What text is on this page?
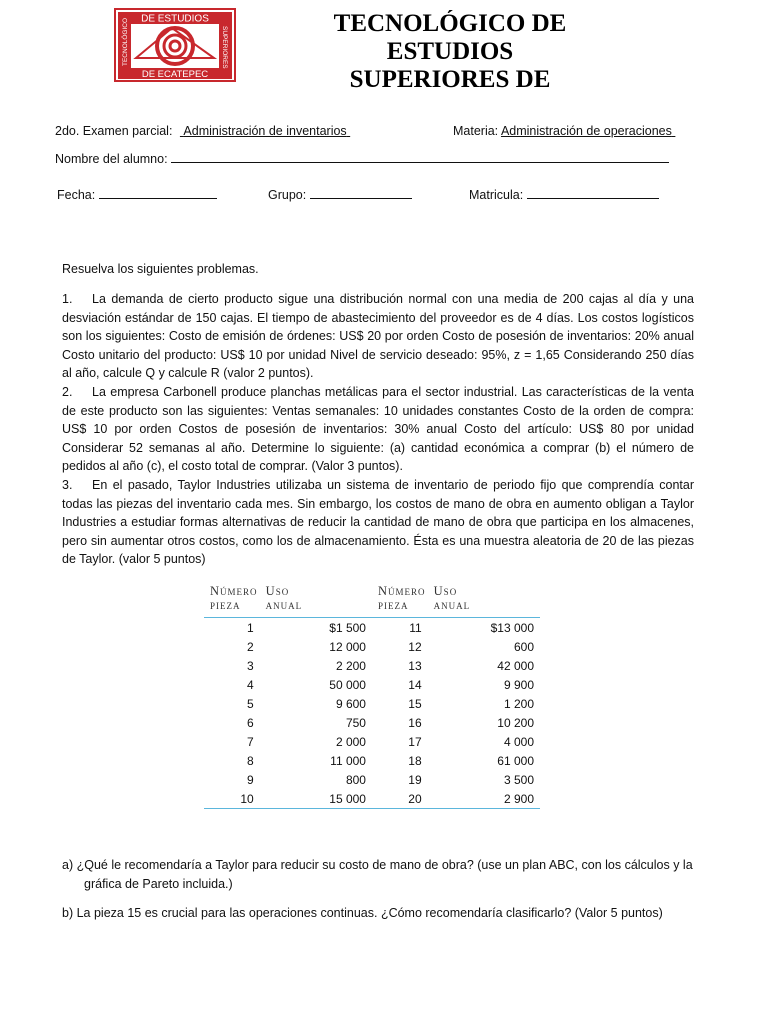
DE ESTUDIOS
DE ECATEPEC
TECNOLÓGICO	SUPERIORES
TECNOLÓGICO DE
ESTUDIOS
SUPERIORES DE
2do. Examen parcial: Administración de inventarios	Materia: Administración de operaciones
Nombre del alumno:
Fecha:	Grupo:	Matricula:
Resuelva los siguientes problemas.

1. La demanda de cierto producto sigue una distribución normal con una media de 200 cajas al día y una desviación estándar de 150 cajas. El tiempo de abastecimiento del proveedor es de 4 días. Los costos logísticos son los siguientes: Costo de emisión de órdenes: US$ 20 por orden Costo de posesión de inventarios: 20% anual Costo unitario del producto: US$ 10 por unidad Nivel de servicio deseado: 95%, z = 1,65 Considerando 250 días al año, calcule Q y calcule R (valor 2 puntos).

2. La empresa Carbonell produce planchas metálicas para el sector industrial. Las características de la venta de este producto son las siguientes: Ventas semanales: 10 unidades constantes Costo de la orden de compra: US$ 10 por orden Costos de posesión de inventarios: 30% anual Costo del artículo: US$ 80 por unidad Considerar 52 semanas al año. Determine lo siguiente: (a) cantidad económica a comprar (b) el número de pedidos al año (c), el costo total de comprar. (Valor 3 puntos).

3. En el pasado, Taylor Industries utilizaba un sistema de inventario de periodo fijo que comprendía contar todas las piezas del inventario cada mes. Sin embargo, los costos de mano de obra en aumento obligan a Taylor Industries a estudiar formas alternativas de reducir la cantidad de mano de obra que participa en los almacenes, pero sin aumentar otros costos, como los de almacenamiento. Ésta es una muestra aleatoria de 20 de las piezas de Taylor. (valor 5 puntos)

Número	Uso	Número	Uso
pieza	anual	pieza	anual
1	$1 500	11	$13 000
2	12 000	12	600
3	2 200	13	42 000
4	50 000	14	9 900
5	9 600	15	1 200
6	750	16	10 200
7	2 000	17	4 000
8	11 000	18	61 000
9	800	19	3 500
10	15 000	20	2 900
a) ¿Qué le recomendaría a Taylor para reducir su costo de mano de obra? (use un plan ABC, con los cálculos y la
gráfica de Pareto incluida.)
b) La pieza 15 es crucial para las operaciones continuas. ¿Cómo recomendaría clasificarlo? (Valor 5 puntos)
